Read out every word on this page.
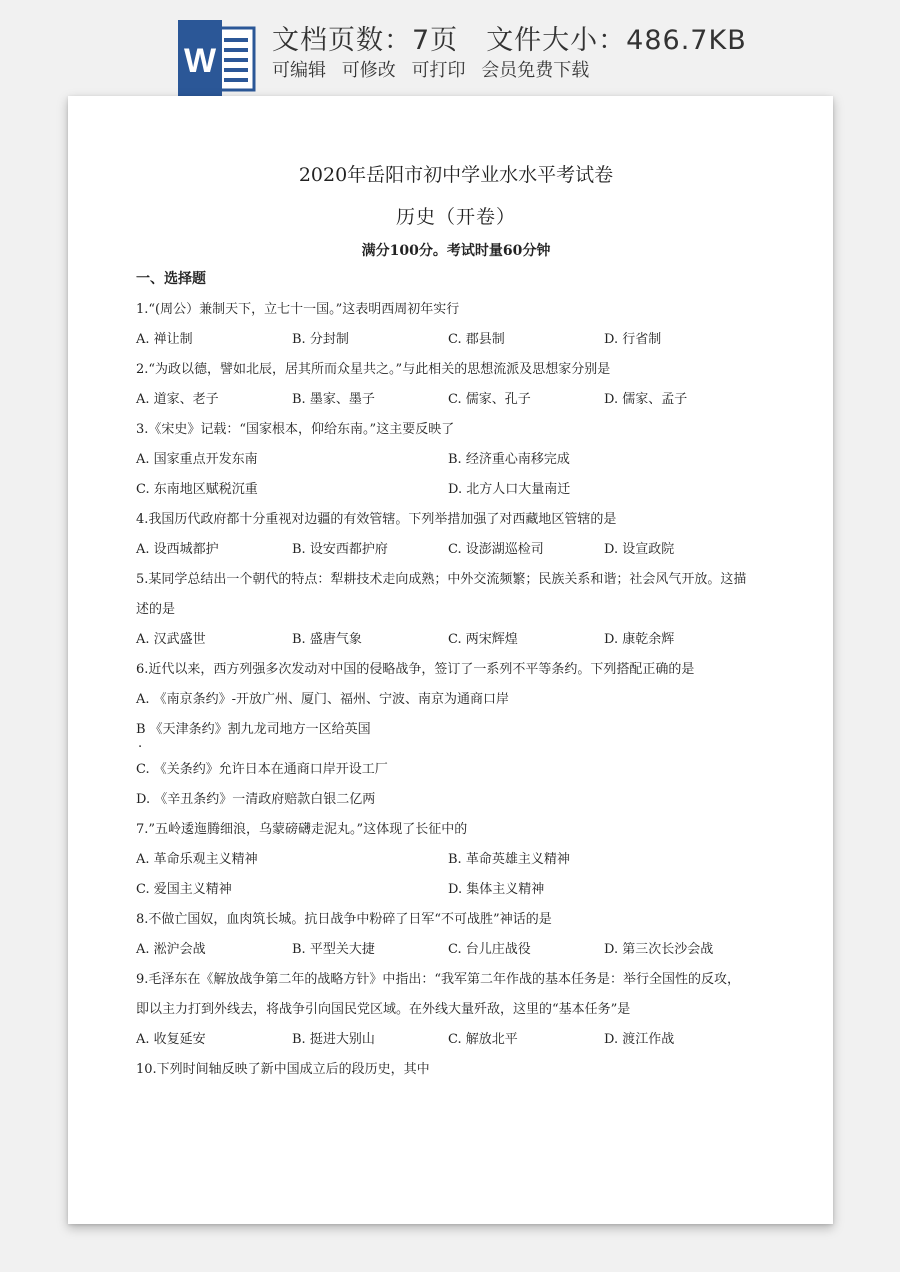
W
文档页数：7页 文件大小：486.7KB
可编辑 可修改 可打印 会员免费下载
2020年岳阳市初中学业水水平考试卷
历史（开卷）
满分100分。考试时量60分钟
一、选择题
1.“(周公）兼制天下，立七十一国。”这表明西周初年实行
A. 禅让制	B. 分封制	C. 郡县制	D. 行省制
2.“为政以德，譬如北辰，居其所而众星共之。”与此相关的思想流派及思想家分别是
A. 道家、老子	B. 墨家、墨子	C. 儒家、孔子	D. 儒家、孟子
3.《宋史》记载：“国家根本，仰给东南。”这主要反映了
A. 国家重点开发东南	B. 经济重心南移完成
C. 东南地区赋税沉重	D. 北方人口大量南迁
4.我国历代政府都十分重视对边疆的有效管辖。下列举措加强了对西藏地区管辖的是
A. 设西城都护	B. 设安西都护府	C. 设澎湖巡检司	D. 设宣政院
5.某同学总结出一个朝代的特点：犁耕技术走向成熟；中外交流频繁；民族关系和谐；社会风气开放。这描
述的是
A. 汉武盛世	B. 盛唐气象	C. 两宋辉煌	D. 康乾余辉
6.近代以来，西方列强多次发动对中国的侵略战争，签订了一系列不平等条约。下列搭配正确的是
A. 《南京条约》-开放广州、厦门、福州、宁波、南京为通商口岸
B 《天津条约》割九龙司地方一区给英国
.
C. 《关条约》允许日本在通商口岸开设工厂
D. 《辛丑条约》一清政府赔款白银二亿两
7.”五岭逶迤腾细浪，乌蒙磅礴走泥丸。”这体现了长征中的
A. 革命乐观主义精神	B. 革命英雄主义精神
C. 爱国主义精神	D. 集体主义精神
8.不做亡国奴，血肉筑长城。抗日战争中粉碎了日军“不可战胜”神话的是
A. 淞沪会战	B. 平型关大捷	C. 台儿庄战役	D. 第三次长沙会战
9.毛泽东在《解放战争第二年的战略方针》中指出：“我军第二年作战的基本任务是：举行全国性的反攻，
即以主力打到外线去，将战争引向国民党区域。在外线大量歼敌，这里的“基本任务”是
A. 收复延安	B. 挺进大别山	C. 解放北平	D. 渡江作战
10.下列时间轴反映了新中国成立后的段历史，其中
